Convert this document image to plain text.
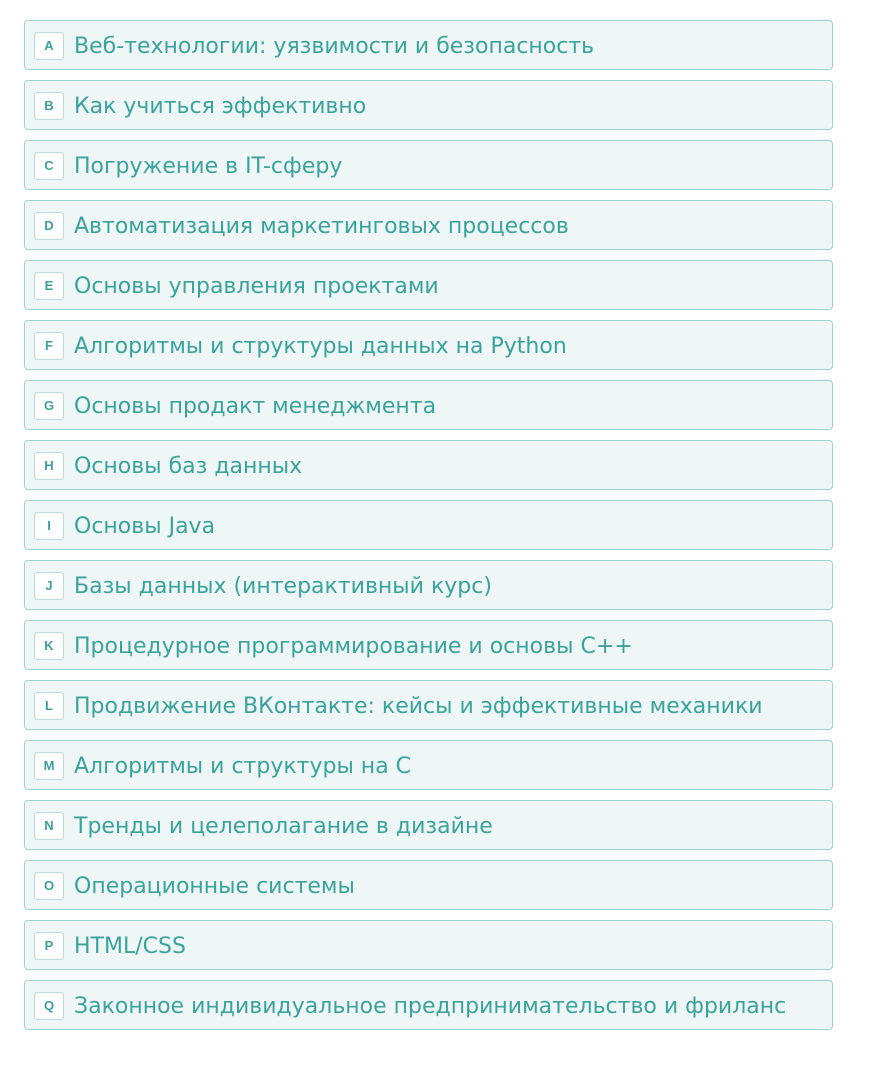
A Веб-технологии: уязвимости и безопасность
B Как учиться эффективно
C Погружение в IT-сферу
D Автоматизация маркетинговых процессов
E Основы управления проектами
F Алгоритмы и структуры данных на Python
G Основы продакт менеджмента
H Основы баз данных
I	Основы Java
J Базы данных (интерактивный курс)
K Процедурное программирование и основы С++
L Продвижение ВКонтакте: кейсы и эффективные механики
M Алгоритмы и структуры на С
N Тренды и целеполагание в дизайне
O Операционные системы
P HTML/CSS
Q Законное индивидуальное предпринимательство и фриланс
